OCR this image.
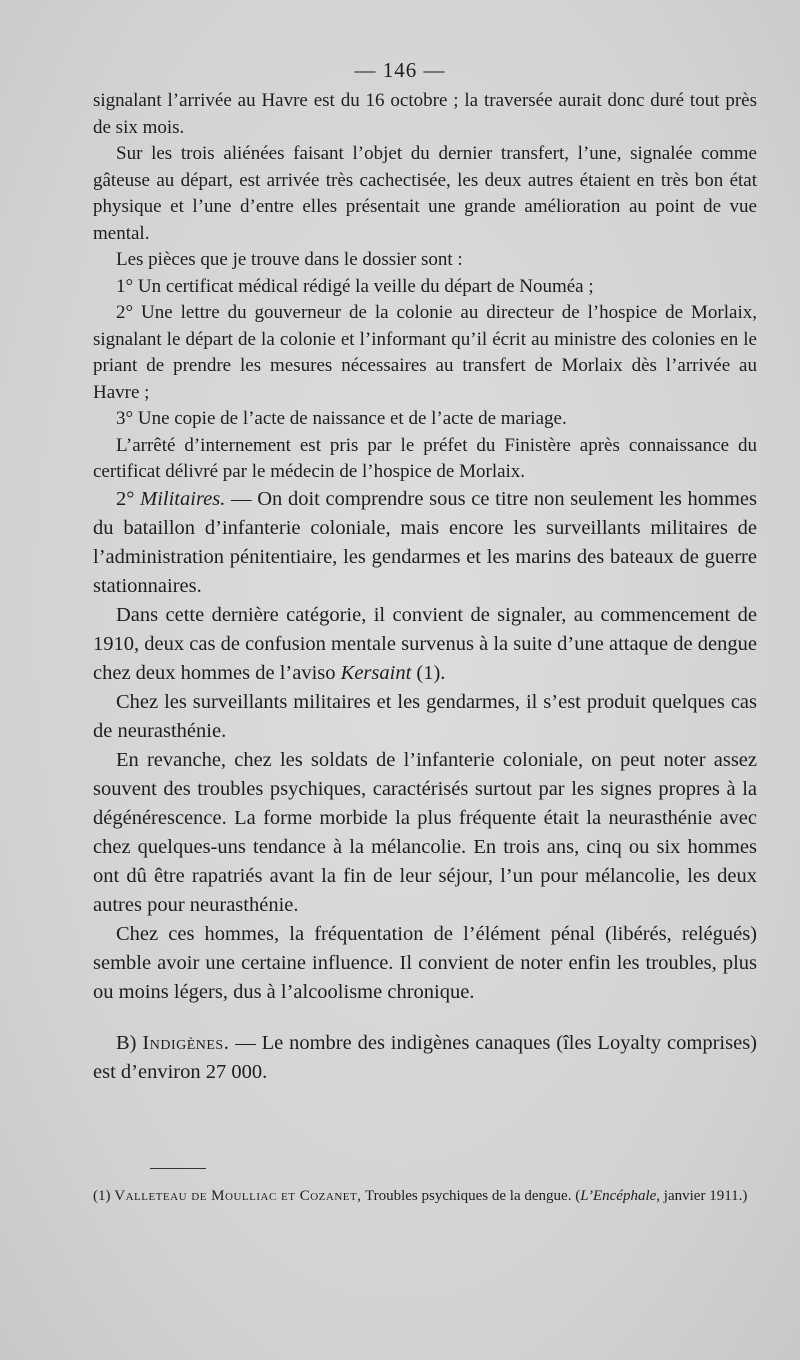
— 146 —

signalant l’arrivée au Havre est du 16 octobre ; la traversée aurait donc duré tout près de six mois.

Sur les trois aliénées faisant l’objet du dernier transfert, l’une, signalée comme gâteuse au départ, est arrivée très cachectisée, les deux autres étaient en très bon état physique et l’une d’entre elles présentait une grande amélioration au point de vue mental.

Les pièces que je trouve dans le dossier sont :

1° Un certificat médical rédigé la veille du départ de Nouméa ;

2° Une lettre du gouverneur de la colonie au directeur de l’hospice de Morlaix, signalant le départ de la colonie et l’informant qu’il écrit au ministre des colonies en le priant de prendre les mesures nécessaires au transfert de Morlaix dès l’arrivée au Havre ;

3° Une copie de l’acte de naissance et de l’acte de mariage.

L’arrêté d’internement est pris par le préfet du Finistère après connaissance du certificat délivré par le médecin de l’hospice de Morlaix.

2° Militaires. — On doit comprendre sous ce titre non seulement les hommes du bataillon d’infanterie coloniale, mais encore les surveillants militaires de l’administration pénitentiaire, les gendarmes et les marins des bateaux de guerre stationnaires.

Dans cette dernière catégorie, il convient de signaler, au commencement de 1910, deux cas de confusion mentale survenus à la suite d’une attaque de dengue chez deux hommes de l’aviso Kersaint (1).

Chez les surveillants militaires et les gendarmes, il s’est produit quelques cas de neurasthénie.

En revanche, chez les soldats de l’infanterie coloniale, on peut noter assez souvent des troubles psychiques, caractérisés surtout par les signes propres à la dégénérescence. La forme morbide la plus fréquente était la neurasthénie avec chez quelques-uns tendance à la mélancolie. En trois ans, cinq ou six hommes ont dû être rapatriés avant la fin de leur séjour, l’un pour mélancolie, les deux autres pour neurasthénie.

Chez ces hommes, la fréquentation de l’élément pénal (libérés, relégués) semble avoir une certaine influence. Il convient de noter enfin les troubles, plus ou moins légers, dus à l’alcoolisme chronique.

B) Indigènes. — Le nombre des indigènes canaques (îles Loyalty comprises) est d’environ 27 000.

(1) Valleteau de Moulliac et Cozanet, Troubles psychiques de la dengue. (L’Encéphale, janvier 1911.)
